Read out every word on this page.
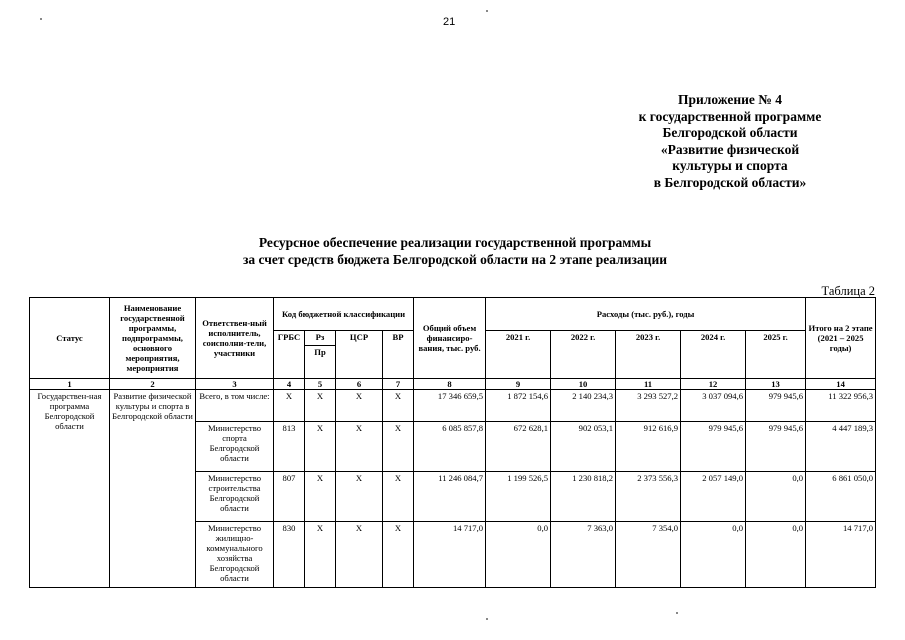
21
Приложение № 4
к государственной программе
Белгородской области
«Развитие физической
культуры и спорта
в Белгородской области»
Ресурсное обеспечение реализации государственной программы
за счет средств бюджета Белгородской области на 2 этапе реализации
Таблица 2
Статус	Наименование государственной программы, подпрограммы, основного мероприятия, мероприятия	Ответствен-ный исполнитель, соисполни-тели, участники	Код бюджетной классификации				Общий объем финансиро-вания, тыс. руб.	Расходы (тыс. руб.), годы					Итого на 2 этапе (2021 – 2025 годы)
			ГРБС	Рз	ЦСР	ВР		2021 г.	2022 г.	2023 г.	2024 г.	2025 г.	
				Пр									
1	2	3	4	5	6	7	8	9	10	11	12	13	14
Государствен-ная программа Белгородской области	Развитие физической культуры и спорта в Белгородской области	Всего, в том числе:	X	X	X	X	17 346 659,5	1 872 154,6	2 140 234,3	3 293 527,2	3 037 094,6	979 945,6	11 322 956,3
		Министерство спорта Белгородской области	813	X	X	X	6 085 857,8	672 628,1	902 053,1	912 616,9	979 945,6	979 945,6	4 447 189,3
		Министерство строительства Белгородской области	807	X	X	X	11 246 084,7	1 199 526,5	1 230 818,2	2 373 556,3	2 057 149,0	0,0	6 861 050,0
		Министерство жилищно-коммунального хозяйства Белгородской области	830	X	X	X	14 717,0	0,0	7 363,0	7 354,0	0,0	0,0	14 717,0
